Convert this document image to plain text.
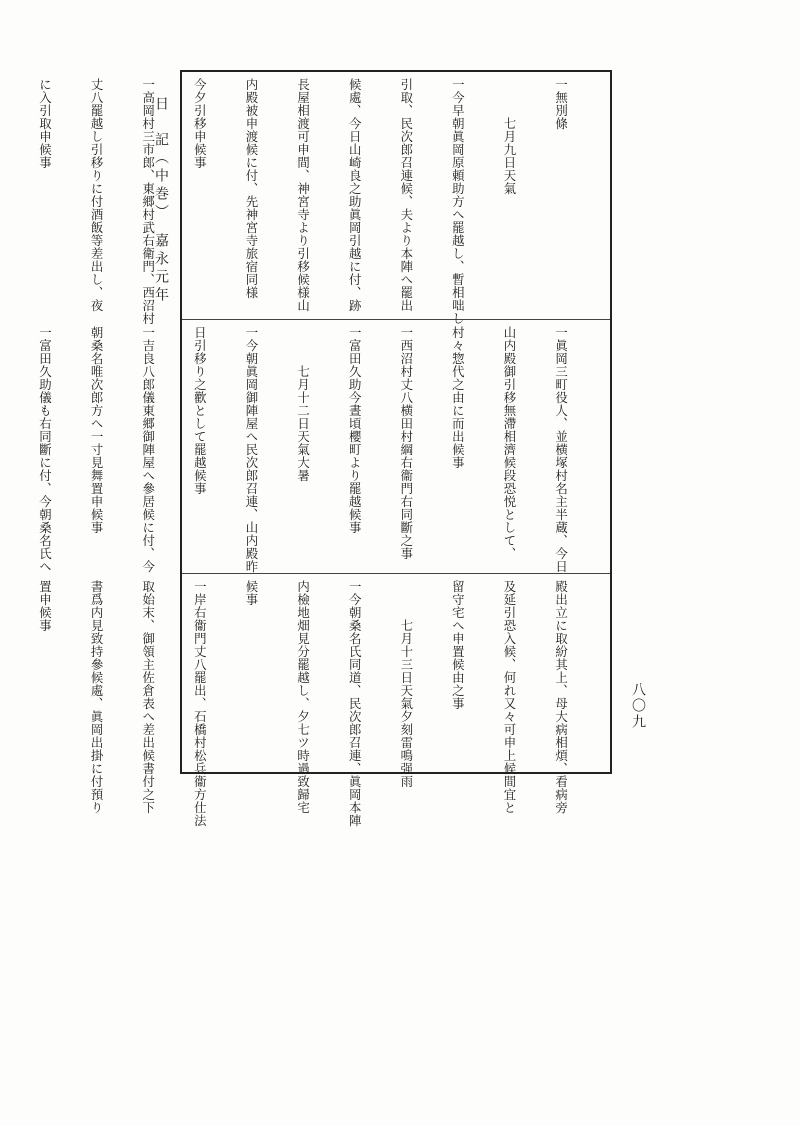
日　記（中巻）　嘉永元年
八〇九

一無別條

　　　七月九日天氣

一今早朝眞岡原頼助方へ罷越し、暫相咄し

引取、民次郎召連候、夫より本陣へ罷出

候處、今日山崎良之助眞岡引越に付、跡

長屋相渡可申間、神宮寺より引移候様山

内殿被申渡候に付、先神宮寺旅宿同様

今夕引移申候事

一高岡村三市郎、東郷村武右衛門、西沼村

丈八罷越し引移りに付酒飯等差出し、夜

に入引取申候事

一眞岡三町役人、並横塚村名主半蔵、今日

山内殿御引移無滯相濟候段恐悦として、

村々惣代之由に而出候事

一西沼村丈八横田村綱右衞門右同斷之事

一富田久助今晝頃櫻町より罷越候事

　　　七月十二日天氣大暑

一今朝眞岡御陣屋へ民次郎召連、山内殿昨

日引移り之歡として罷越候事

一吉良八郎儀東郷御陣屋へ參居候に付、今

朝桑名唯次郎方へ一寸見舞置申候事

一富田久助儀も右同斷に付、今朝桑名氏へ

殿出立に取紛其上、母大病相煩、看病旁

及延引恐入候、何れ又々可申上候間宜と

留守宅へ申置候由之事

　　　七月十三日天氣夕刻雷鳴强雨

一今朝桑名氏同道、民次郎召連、眞岡本陣

内檢地畑見分罷越し、夕七ツ時過致歸宅

候事

一岸右衞門丈八罷出、石橋村松兵衞方仕法

取始末、御領主佐倉表へ差出候書付之下

書爲内見致持參候處、眞岡出掛に付預り

置申候事
